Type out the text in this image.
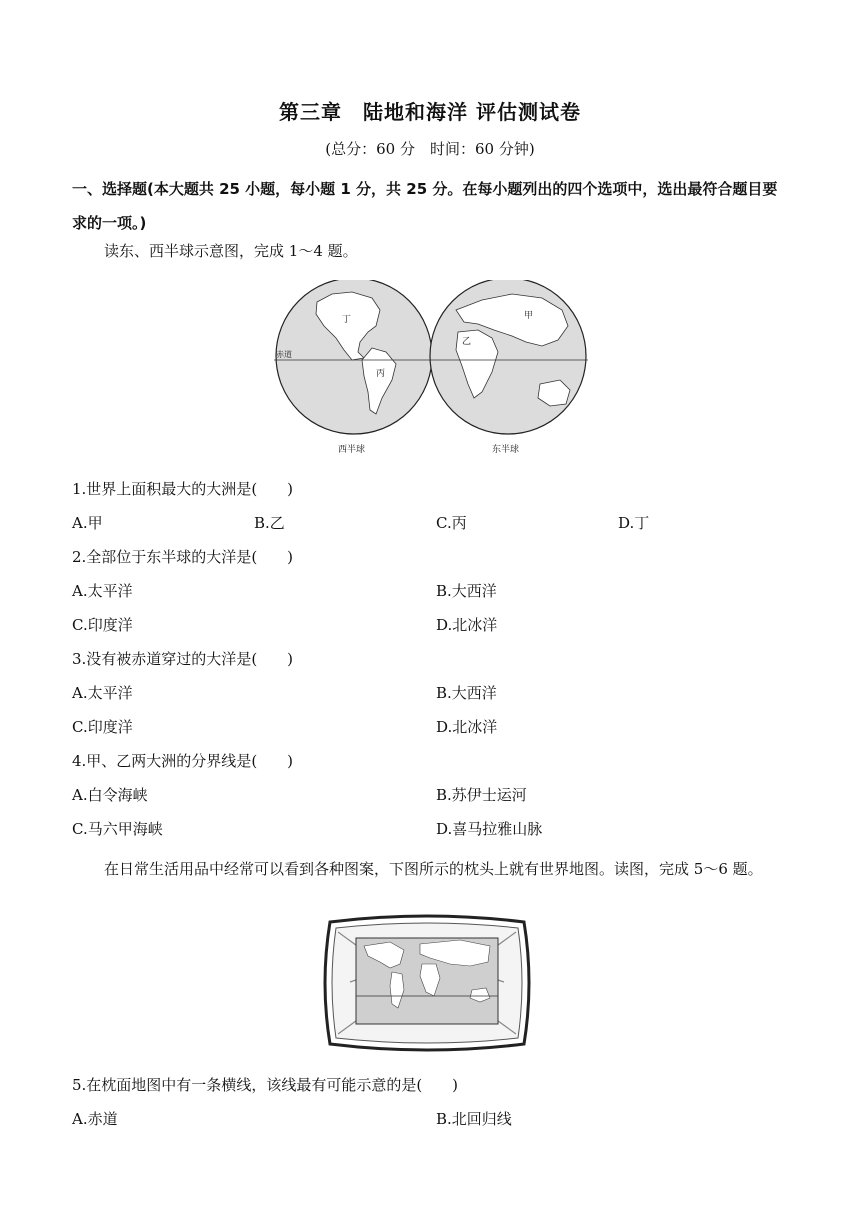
第三章　陆地和海洋 评估测试卷
(总分：60 分　时间：60 分钟)
一、选择题(本大题共 25 小题，每小题 1 分，共 25 分。在每小题列出的四个选项中，选出最符合题目要求的一项。)
读东、西半球示意图，完成 1～4 题。
赤道
丁
丙
甲
乙
西半球	东半球
1.世界上面积最大的大洲是(　　)
A.甲	B.乙	C.丙	D.丁
2.全部位于东半球的大洋是(　　)
A.太平洋	B.大西洋
C.印度洋	D.北冰洋
3.没有被赤道穿过的大洋是(　　)
A.太平洋	B.大西洋
C.印度洋	D.北冰洋
4.甲、乙两大洲的分界线是(　　)
A.白令海峡	B.苏伊士运河
C.马六甲海峡	D.喜马拉雅山脉
在日常生活用品中经常可以看到各种图案，下图所示的枕头上就有世界地图。读图，完成 5～6 题。
5.在枕面地图中有一条横线，该线最有可能示意的是(　　)
A.赤道	B.北回归线
